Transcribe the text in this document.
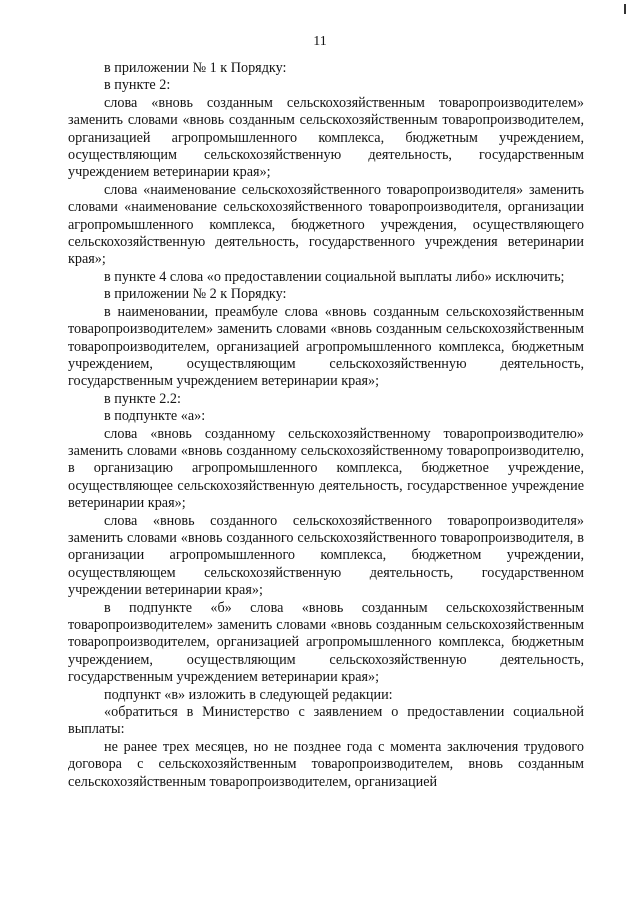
11

в приложении № 1 к Порядку:

в пункте 2:

слова «вновь созданным сельскохозяйственным товаропроизводителем» заменить словами «вновь созданным сельскохозяйственным товаропроизводителем, организацией агропромышленного комплекса, бюджетным учреждением, осуществляющим сельскохозяйственную деятельность, государственным учреждением ветеринарии края»;

слова «наименование сельскохозяйственного товаропроизводителя» заменить словами «наименование сельскохозяйственного товаропроизводителя, организации агропромышленного комплекса, бюджетного учреждения, осуществляющего сельскохозяйственную деятельность, государственного учреждения ветеринарии края»;

в пункте 4 слова «о предоставлении социальной выплаты либо» исключить;

в приложении № 2 к Порядку:

в наименовании, преамбуле слова «вновь созданным сельскохозяйственным товаропроизводителем» заменить словами «вновь созданным сельскохозяйственным товаропроизводителем, организацией агропромышленного комплекса, бюджетным учреждением, осуществляющим сельскохозяйственную деятельность, государственным учреждением ветеринарии края»;

в пункте 2.2:

в подпункте «а»:

слова «вновь созданному сельскохозяйственному товаропроизводителю» заменить словами «вновь созданному сельскохозяйственному товаропроизводителю, в организацию агропромышленного комплекса, бюджетное учреждение, осуществляющее сельскохозяйственную деятельность, государственное учреждение ветеринарии края»;

слова «вновь созданного сельскохозяйственного товаропроизводителя» заменить словами «вновь созданного сельскохозяйственного товаропроизводителя, в организации агропромышленного комплекса, бюджетном учреждении, осуществляющем сельскохозяйственную деятельность, государственном учреждении ветеринарии края»;

в подпункте «б» слова «вновь созданным сельскохозяйственным товаропроизводителем» заменить словами «вновь созданным сельскохозяйственным товаропроизводителем, организацией агропромышленного комплекса, бюджетным учреждением, осуществляющим сельскохозяйственную деятельность, государственным учреждением ветеринарии края»;

подпункт «в» изложить в следующей редакции:

«обратиться в Министерство с заявлением о предоставлении социальной выплаты:

не ранее трех месяцев, но не позднее года с момента заключения трудового договора с сельскохозяйственным товаропроизводителем, вновь созданным сельскохозяйственным товаропроизводителем, организацией
